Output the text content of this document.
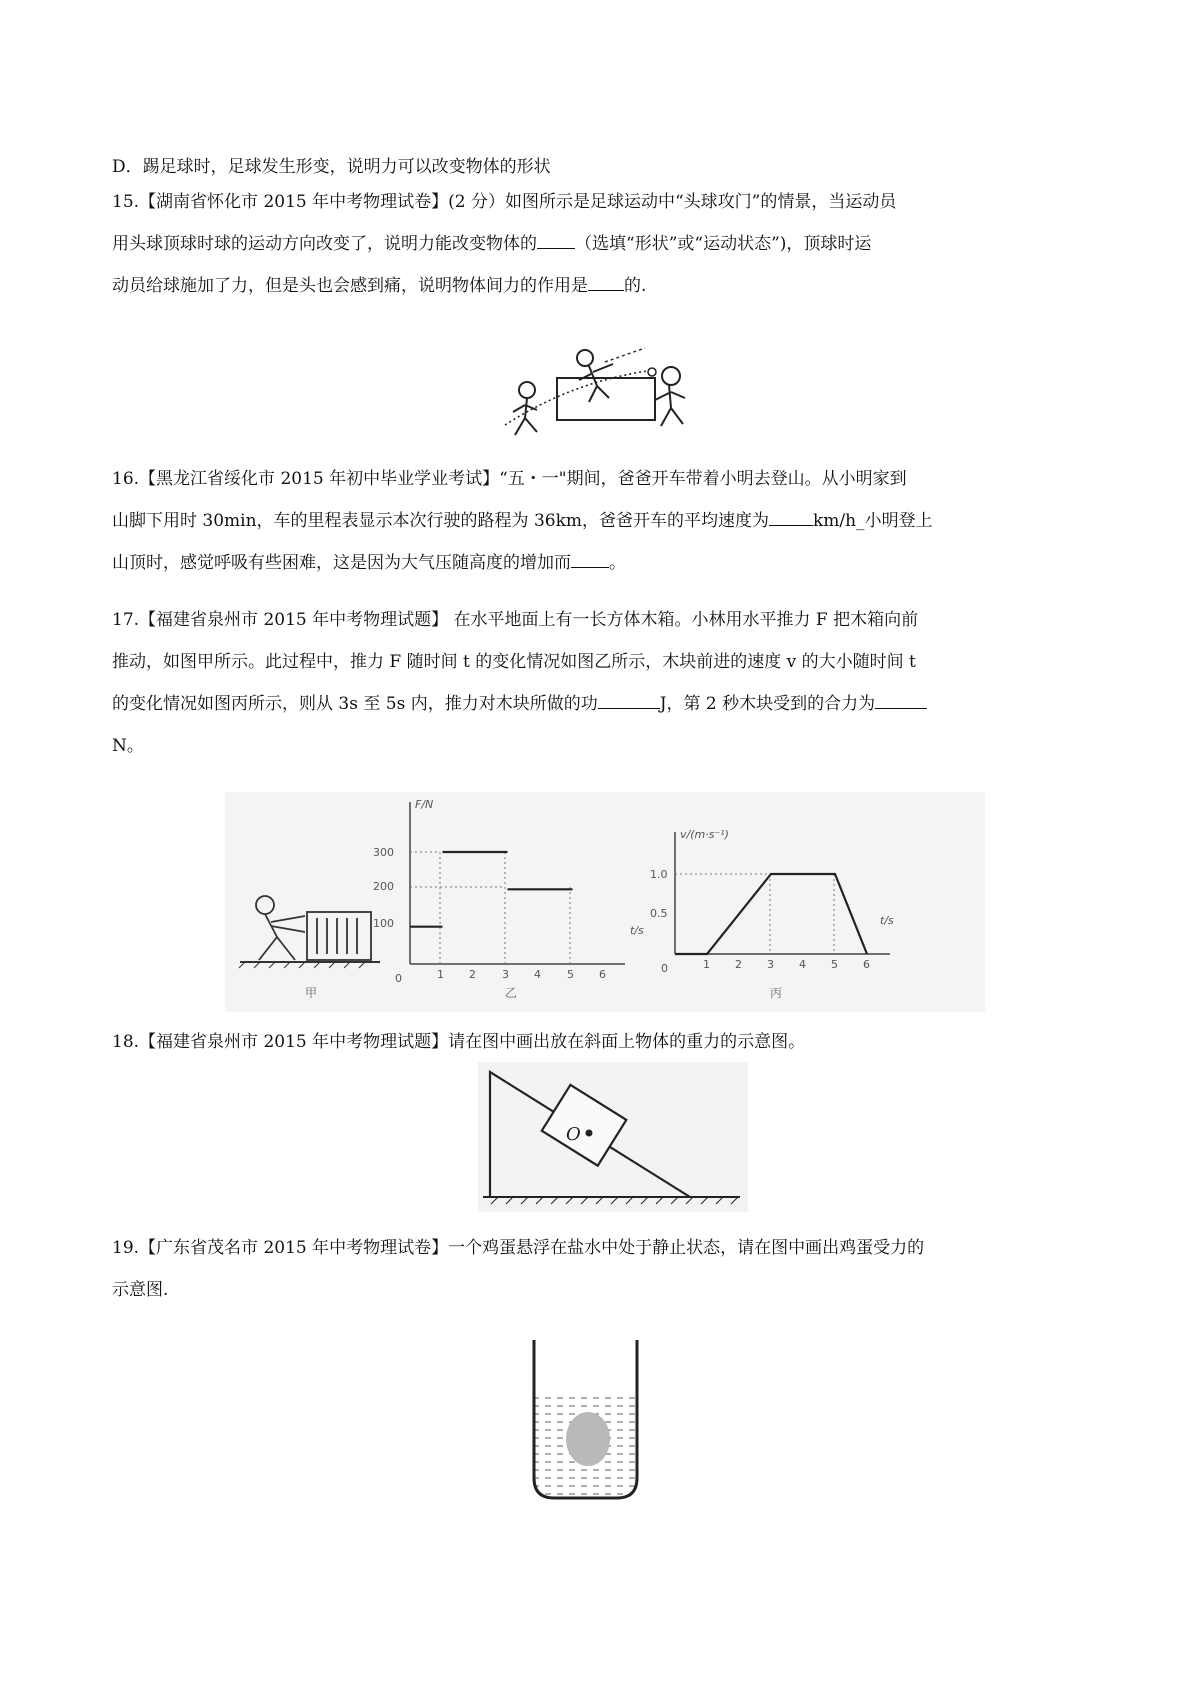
D．踢足球时，足球发生形变，说明力可以改变物体的形状

15.【湖南省怀化市 2015 年中考物理试卷】(2 分）如图所示是足球运动中“头球攻门”的情景，当运动员
用头球顶球时球的运动方向改变了，说明力能改变物体的 （选填“形状”或“运动状态”)，顶球时运
动员给球施加了力，但是头也会感到痛，说明物体间力的作用是 的.
16.【黑龙江省绥化市 2015 年初中毕业学业考试】“五・一"期间，爸爸开车带着小明去登山。从小明家到
山脚下用时 30min，车的里程表显示本次行驶的路程为 36km，爸爸开车的平均速度为	km/h_小明登上
山顶时，感觉呼吸有些困难，这是因为大气压随高度的增加而 。
17.【福建省泉州市 2015 年中考物理试题】 在水平地面上有一长方体木箱。小林用水平推力 F 把木箱向前
推动，如图甲所示。此过程中，推力 F 随时间 t 的变化情况如图乙所示，木块前进的速度 v 的大小随时间 t
的变化情况如图丙所示，则从 3s 至 5s 内，推力对木块所做的功	J，第 2 秒木块受到的合力为
N。
甲
F/N
300
200
100
t/s
0	1 2 3 4 5 6
乙
v/(m·s⁻¹)
1.0
0.5
t/s
0	1 2 3 4 5 6
丙

18.【福建省泉州市 2015 年中考物理试题】请在图中画出放在斜面上物体的重力的示意图。

O
19.【广东省茂名市 2015 年中考物理试卷】一个鸡蛋悬浮在盐水中处于静止状态，请在图中画出鸡蛋受力的
示意图.
